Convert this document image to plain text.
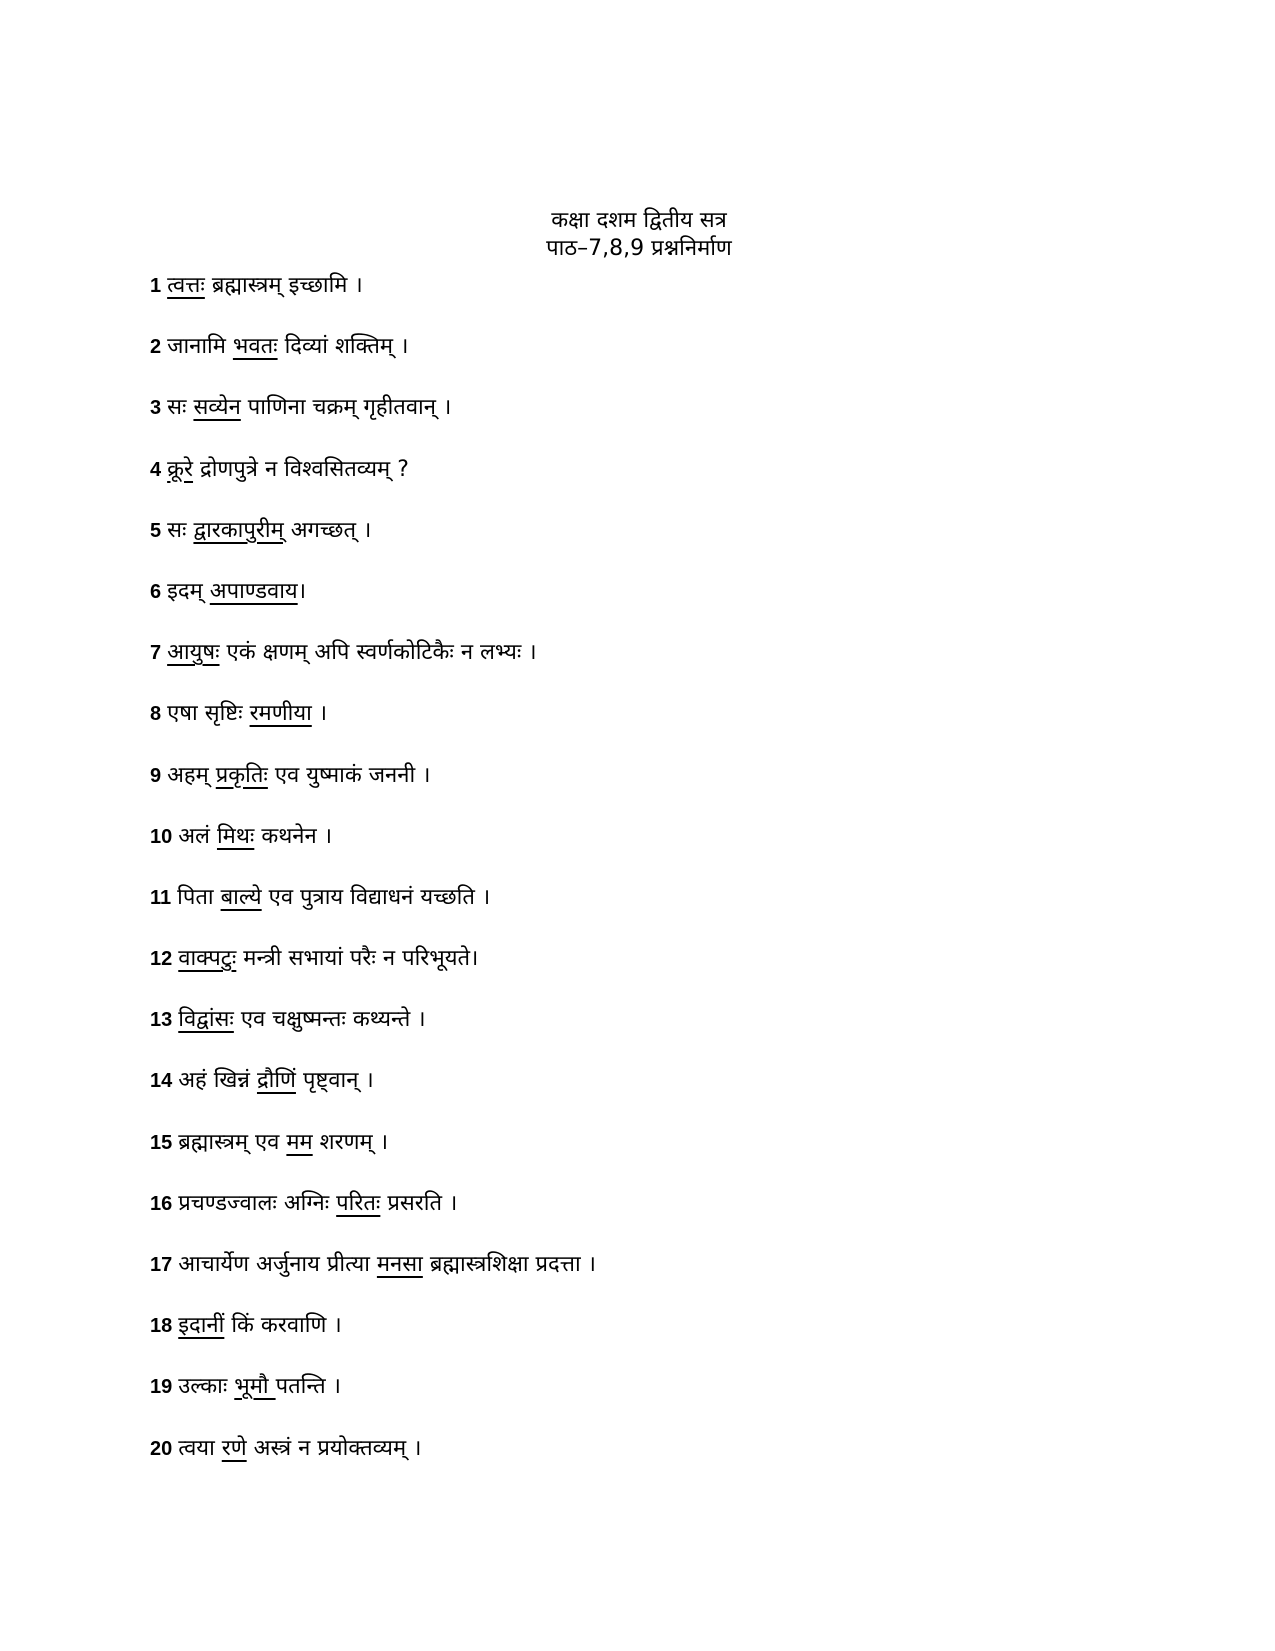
कक्षा दशम द्वितीय सत्र
पाठ–7,8,9 प्रश्ननिर्माण
1 त्वत्तः ब्रह्मास्त्रम् इच्छामि ।
2 जानामि भवतः दिव्यां शक्तिम् ।
3 सः सव्येन पाणिना चक्रम् गृहीतवान् ।
4 क्रूरे द्रोणपुत्रे न विश्वसितव्यम् ?
5 सः द्वारकापुरीम् अगच्छत् ।
6 इदम् अपाण्डवाय।
7 आयुषः एकं क्षणम् अपि स्वर्णकोटिकैः न लभ्यः ।
8 एषा सृष्टिः रमणीया ।
9 अहम् प्रकृतिः एव युष्माकं जननी ।
10 अलं मिथः कथनेन ।
11 पिता बाल्ये एव पुत्राय विद्याधनं यच्छति ।
12 वाक्पटुः मन्त्री सभायां परैः न परिभूयते।
13 विद्वांसः एव चक्षुष्मन्तः कथ्यन्ते ।
14 अहं खिन्नं द्रौणिं पृष्ट्वान् ।
15 ब्रह्मास्त्रम् एव मम शरणम् ।
16 प्रचण्डज्वालः अग्निः परितः प्रसरति ।
17 आचार्येण अर्जुनाय प्रीत्या मनसा ब्रह्मास्त्रशिक्षा प्रदत्ता ।
18 इदानीं किं करवाणि ।
19 उल्काः भूमौ पतन्ति ।
20 त्वया रणे अस्त्रं न प्रयोक्तव्यम् ।
